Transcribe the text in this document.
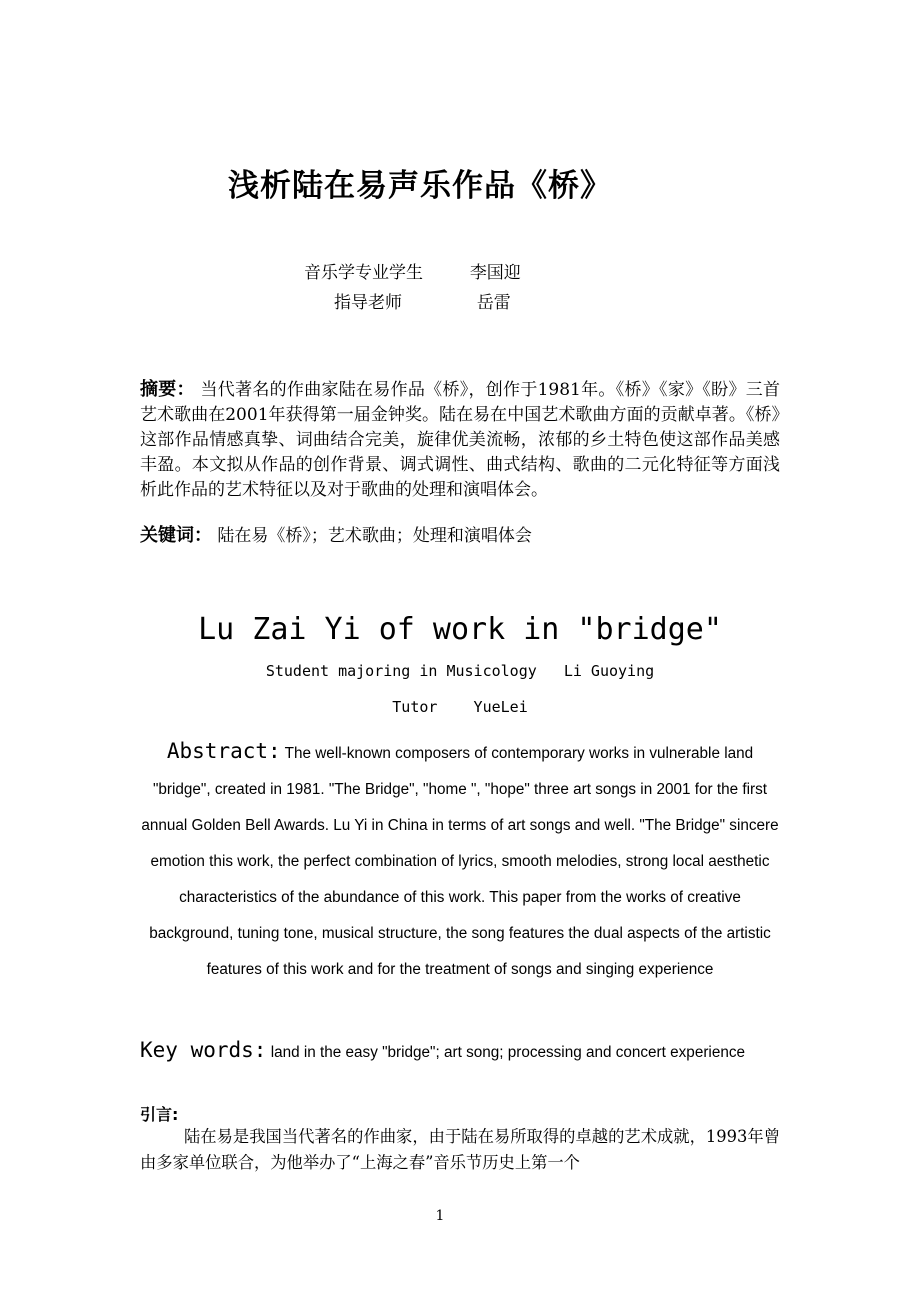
浅析陆在易声乐作品《桥》
音乐学专业学生	李国迎
指导老师	岳雷
摘要： 当代著名的作曲家陆在易作品《桥》，创作于1981年。《桥》《家》《盼》三首艺术歌曲在2001年获得第一届金钟奖。陆在易在中国艺术歌曲方面的贡献卓著。《桥》这部作品情感真挚、词曲结合完美，旋律优美流畅，浓郁的乡土特色使这部作品美感丰盈。本文拟从作品的创作背景、调式调性、曲式结构、歌曲的二元化特征等方面浅析此作品的艺术特征以及对于歌曲的处理和演唱体会。
关键词： 陆在易《桥》；艺术歌曲；处理和演唱体会
Lu Zai Yi of work in "bridge"
Student majoring in Musicology   Li Guoying
Tutor    YueLei
Abstract: The well-known composers of contemporary works in vulnerable land "bridge", created in 1981. "The Bridge", "home ", "hope" three art songs in 2001 for the first annual Golden Bell Awards. Lu Yi in China in terms of art songs and well. "The Bridge" sincere emotion this work, the perfect combination of lyrics, smooth melodies, strong local aesthetic characteristics of the abundance of this work. This paper from the works of creative background, tuning tone, musical structure, the song features the dual aspects of the artistic features of this work and for the treatment of songs and singing experience
Key words: land in the easy "bridge"; art song; processing and concert experience
引言:
陆在易是我国当代著名的作曲家，由于陆在易所取得的卓越的艺术成就，1993年曾由多家单位联合，为他举办了“上海之春”音乐节历史上第一个
1
